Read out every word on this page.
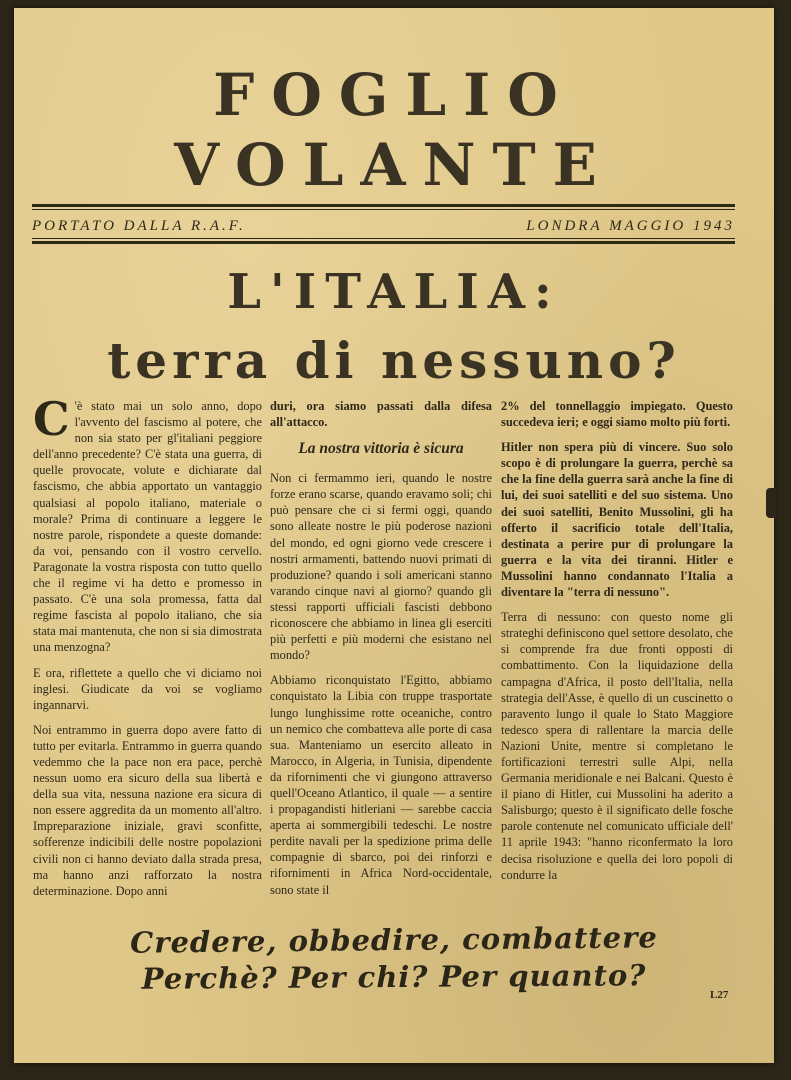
FOGLIO
VOLANTE
PORTATO DALLA R.A.F.	LONDRA MAGGIO 1943
L'ITALIA:
terra di nessuno?

C 'è stato mai un solo anno, dopo l'avvento del fascismo al potere, che non sia stato per gl'italiani peggiore dell'anno precedente? C'è stata una guerra, di quelle provocate, volute e dichiarate dal fascismo, che abbia apportato un vantaggio qualsiasi al popolo italiano, materiale o morale? Prima di continuare a leggere le nostre parole, rispondete a queste domande: da voi, pensando con il vostro cervello. Paragonate la vostra risposta con tutto quello che il regime vi ha detto e promesso in passato. C'è una sola promessa, fatta dal regime fascista al popolo italiano, che sia stata mai mantenuta, che non si sia dimostrata una menzogna?

E ora, riflettete a quello che vi diciamo noi inglesi. Giudicate da voi se vogliamo ingannarvi.

Noi entrammo in guerra dopo avere fatto di tutto per evitarla. Entrammo in guerra quando vedemmo che la pace non era pace, perchè nessun uomo era sicuro della sua libertà e della sua vita, nessuna nazione era sicura di non essere aggredita da un momento all'altro. Impreparazione iniziale, gravi sconfitte, sofferenze indicibili delle nostre popolazioni civili non ci hanno deviato dalla strada presa, ma hanno anzi rafforzato la nostra determinazione. Dopo anni

duri, ora siamo passati dalla difesa all'attacco.

La nostra vittoria è sicura

Non ci fermammo ieri, quando le nostre forze erano scarse, quando eravamo soli; chi può pensare che ci si fermi oggi, quando sono alleate nostre le più poderose nazioni del mondo, ed ogni giorno vede crescere i nostri armamenti, battendo nuovi primati di produzione? quando i soli americani stanno varando cinque navi al giorno? quando gli stessi rapporti ufficiali fascisti debbono riconoscere che abbiamo in linea gli eserciti più perfetti e più moderni che esistano nel mondo?

Abbiamo riconquistato l'Egitto, abbiamo conquistato la Libia con truppe trasportate lungo lunghissime rotte oceaniche, contro un nemico che combatteva alle porte di casa sua. Manteniamo un esercito alleato in Marocco, in Algeria, in Tunisia, dipendente da rifornimenti che vi giungono attraverso quell'Oceano Atlantico, il quale — a sentire i propagandisti hitleriani — sarebbe caccia aperta ai sommergibili tedeschi. Le nostre perdite navali per la spedizione prima delle compagnie di sbarco, poi dei rinforzi e rifornimenti in Africa Nord-occidentale, sono state il

2% del tonnellaggio impiegato. Questo succedeva ieri; e oggi siamo molto più forti.

Hitler non spera più di vincere. Suo solo scopo è di prolungare la guerra, perchè sa che la fine della guerra sarà anche la fine di lui, dei suoi satelliti e del suo sistema. Uno dei suoi satelliti, Benito Mussolini, gli ha offerto il sacrificio totale dell'Italia, destinata a perire pur di prolungare la guerra e la vita dei tiranni. Hitler e Mussolini hanno condannato l'Italia a diventare la "terra di nessuno".

Terra di nessuno: con questo nome gli strateghi definiscono quel settore desolato, che si comprende fra due fronti opposti di combattimento. Con la liquidazione della campagna d'Africa, il posto dell'Italia, nella strategia dell'Asse, è quello di un cuscinetto o paravento lungo il quale lo Stato Maggiore tedesco spera di rallentare la marcia delle Nazioni Unite, mentre si completano le fortificazioni terrestri sulle Alpi, nella Germania meridionale e nei Balcani. Questo è il piano di Hitler, cui Mussolini ha aderito a Salisburgo; questo è il significato delle fosche parole contenute nel comunicato ufficiale dell' 11 aprile 1943: "hanno riconfermato la loro decisa risoluzione e quella dei loro popoli di condurre la

Credere, obbedire, combattere
Perchè? Per chi? Per quanto?	L27
